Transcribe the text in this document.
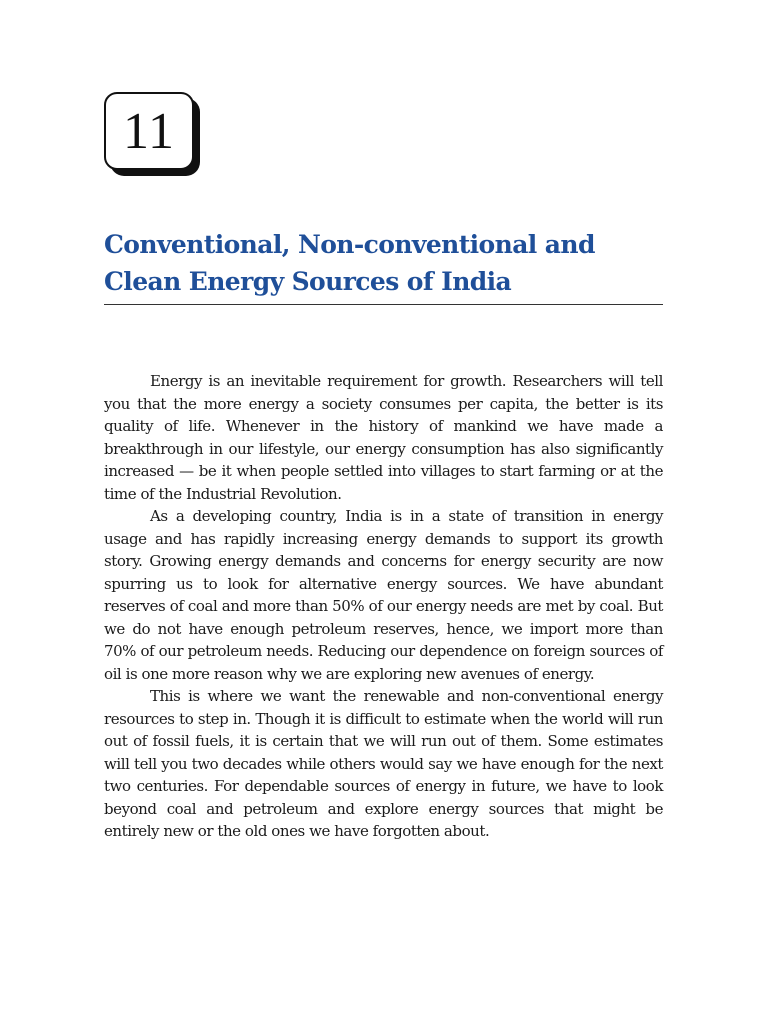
11
Conventional, Non-conventional and Clean Energy Sources of India

Energy is an inevitable requirement for growth. Researchers will tell you that the more energy a society consumes per capita, the better is its quality of life. Whenever in the history of mankind we have made a breakthrough in our lifestyle, our energy consumption has also significantly increased — be it when people settled into villages to start farming or at the time of the Industrial Revolution.

As a developing country, India is in a state of transition in energy usage and has rapidly increasing energy demands to support its growth story. Growing energy demands and concerns for energy security are now spurring us to look for alternative energy sources. We have abundant reserves of coal and more than 50% of our energy needs are met by coal. But we do not have enough petroleum reserves, hence, we import more than 70% of our petroleum needs. Reducing our dependence on foreign sources of oil is one more reason why we are exploring new avenues of energy.

This is where we want the renewable and non-conventional energy resources to step in. Though it is difficult to estimate when the world will run out of fossil fuels, it is certain that we will run out of them. Some estimates will tell you two decades while others would say we have enough for the next two centuries. For dependable sources of energy in future, we have to look beyond coal and petroleum and explore energy sources that might be entirely new or the old ones we have forgotten about.
